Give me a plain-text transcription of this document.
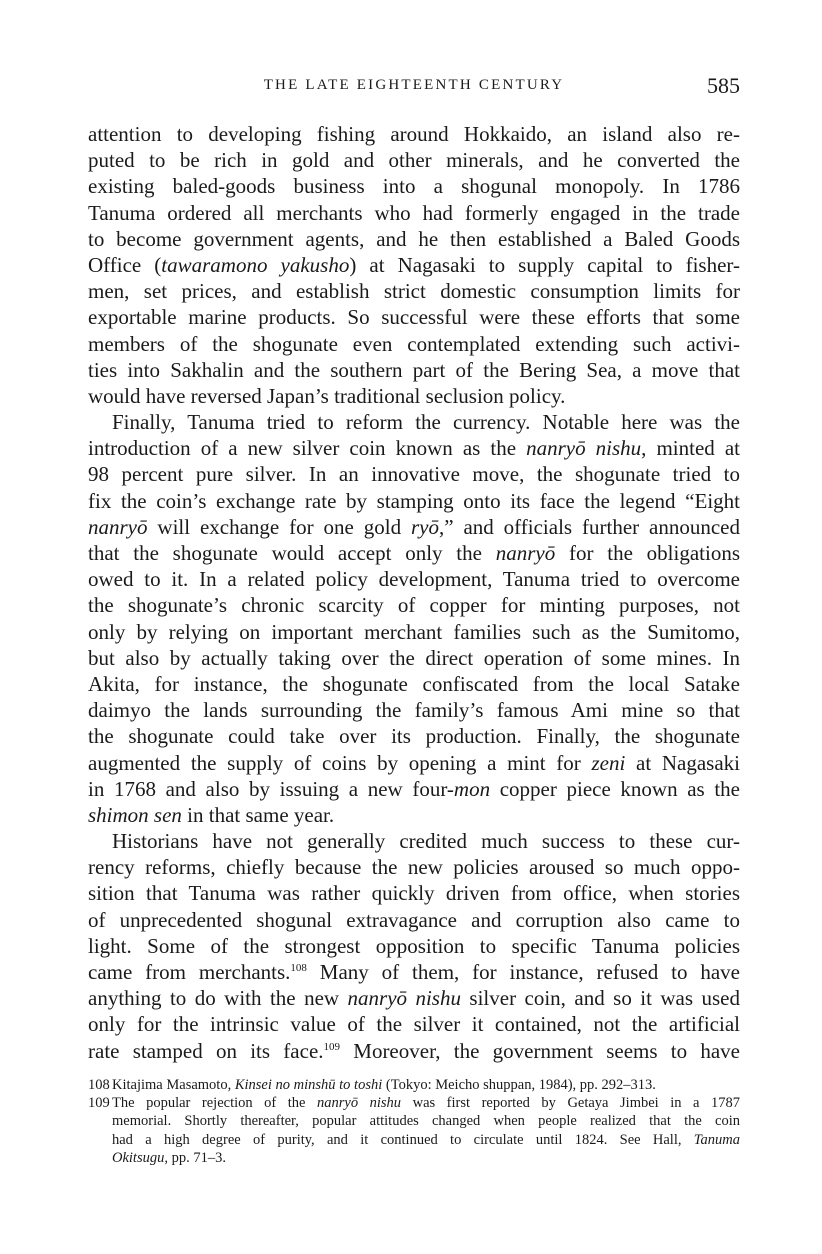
THE LATE EIGHTEENTH CENTURY	585
attention to developing fishing around Hokkaido, an island also re-
puted to be rich in gold and other minerals, and he converted the
existing baled-goods business into a shogunal monopoly. In 1786
Tanuma ordered all merchants who had formerly engaged in the trade
to become government agents, and he then established a Baled Goods
Office (tawaramono yakusho) at Nagasaki to supply capital to fisher-
men, set prices, and establish strict domestic consumption limits for
exportable marine products. So successful were these efforts that some
members of the shogunate even contemplated extending such activi-
ties into Sakhalin and the southern part of the Bering Sea, a move that
would have reversed Japan’s traditional seclusion policy.
Finally, Tanuma tried to reform the currency. Notable here was the
introduction of a new silver coin known as the nanryō nishu, minted at
98 percent pure silver. In an innovative move, the shogunate tried to
fix the coin’s exchange rate by stamping onto its face the legend “Eight
nanryō will exchange for one gold ryō,” and officials further announced
that the shogunate would accept only the nanryō for the obligations
owed to it. In a related policy development, Tanuma tried to overcome
the shogunate’s chronic scarcity of copper for minting purposes, not
only by relying on important merchant families such as the Sumitomo,
but also by actually taking over the direct operation of some mines. In
Akita, for instance, the shogunate confiscated from the local Satake
daimyo the lands surrounding the family’s famous Ami mine so that
the shogunate could take over its production. Finally, the shogunate
augmented the supply of coins by opening a mint for zeni at Nagasaki
in 1768 and also by issuing a new four-mon copper piece known as the
shimon sen in that same year.
Historians have not generally credited much success to these cur-
rency reforms, chiefly because the new policies aroused so much oppo-
sition that Tanuma was rather quickly driven from office, when stories
of unprecedented shogunal extravagance and corruption also came to
light. Some of the strongest opposition to specific Tanuma policies
came from merchants.$^{108}$ Many of them, for instance, refused to have
anything to do with the new nanryō nishu silver coin, and so it was used
only for the intrinsic value of the silver it contained, not the artificial
rate stamped on its face.$^{109}$ Moreover, the government seems to have
108 Kitajima Masamoto, Kinsei no minshū to toshi (Tokyo: Meicho shuppan, 1984), pp. 292–313.
109 The popular rejection of the nanryō nishu was first reported by Getaya Jimbei in a 1787
memorial. Shortly thereafter, popular attitudes changed when people realized that the coin
had a high degree of purity, and it continued to circulate until 1824. See Hall, Tanuma
Okitsugu, pp. 71–3.
